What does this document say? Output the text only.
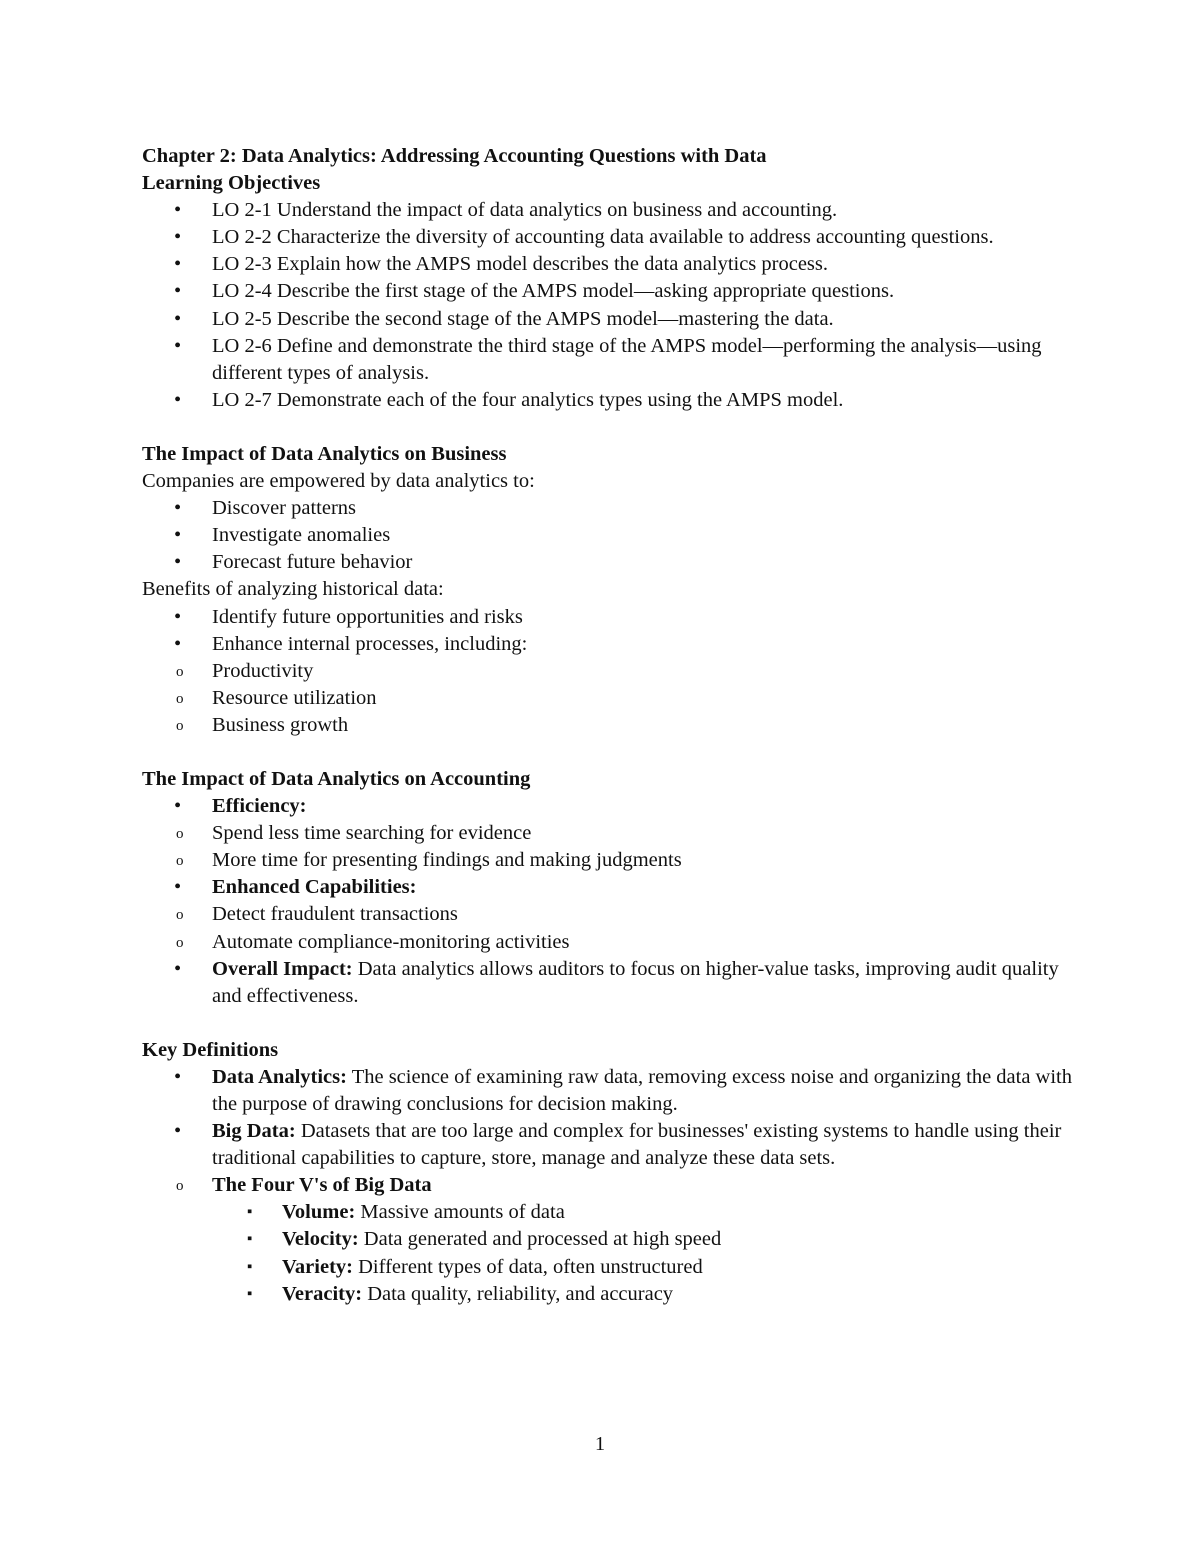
Chapter 2: Data Analytics: Addressing Accounting Questions with Data

Learning Objectives

• LO 2-1 Understand the impact of data analytics on business and accounting.
• LO 2-2 Characterize the diversity of accounting data available to address accounting questions.
• LO 2-3 Explain how the AMPS model describes the data analytics process.
• LO 2-4 Describe the first stage of the AMPS model—asking appropriate questions.
• LO 2-5 Describe the second stage of the AMPS model—mastering the data.
• LO 2-6 Define and demonstrate the third stage of the AMPS model—performing the analysis—using different types of analysis.
• LO 2-7 Demonstrate each of the four analytics types using the AMPS model.

The Impact of Data Analytics on Business

Companies are empowered by data analytics to:

• Discover patterns
• Investigate anomalies
• Forecast future behavior

Benefits of analyzing historical data:

• Identify future opportunities and risks
• Enhance internal processes, including:
o Productivity
o Resource utilization
o Business growth

The Impact of Data Analytics on Accounting

• Efficiency:
o Spend less time searching for evidence
o More time for presenting findings and making judgments
• Enhanced Capabilities:
o Detect fraudulent transactions
o Automate compliance-monitoring activities
• Overall Impact: Data analytics allows auditors to focus on higher-value tasks, improving audit quality and effectiveness.

Key Definitions

• Data Analytics: The science of examining raw data, removing excess noise and organizing the data with the purpose of drawing conclusions for decision making.
• Big Data: Datasets that are too large and complex for businesses' existing systems to handle using their traditional capabilities to capture, store, manage and analyze these data sets.
o The Four V's of Big Data
▪ Volume: Massive amounts of data
▪ Velocity: Data generated and processed at high speed
▪ Variety: Different types of data, often unstructured
▪ Veracity: Data quality, reliability, and accuracy
1
